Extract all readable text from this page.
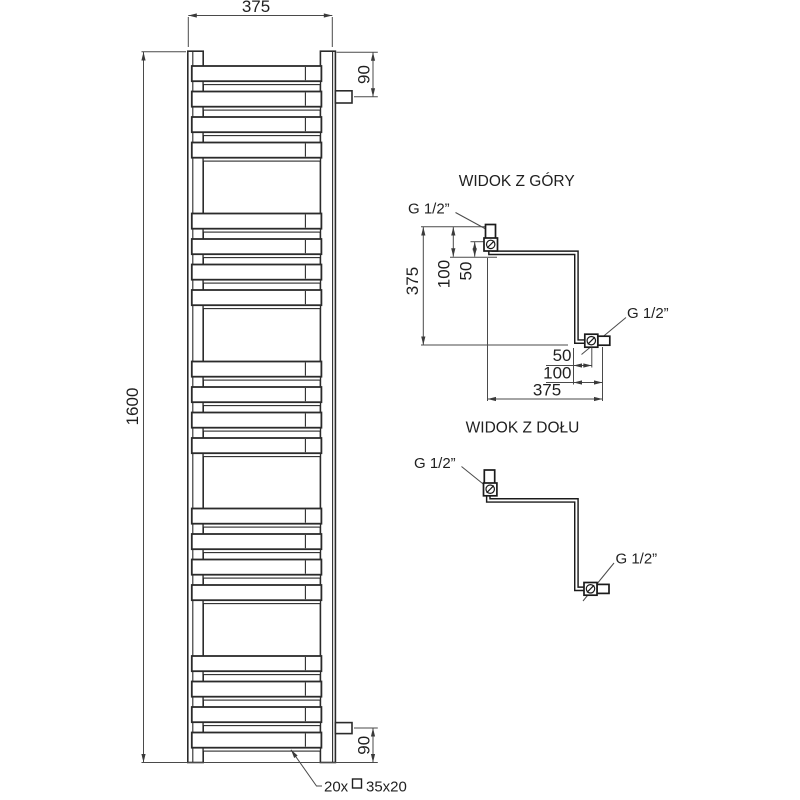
375
1600
90
90
20x 35x20
WIDOK Z GÓRY
375 100 50
G 1/2”
G 1/2”
50
100
375
WIDOK Z DOŁU
G 1/2”
G 1/2”
